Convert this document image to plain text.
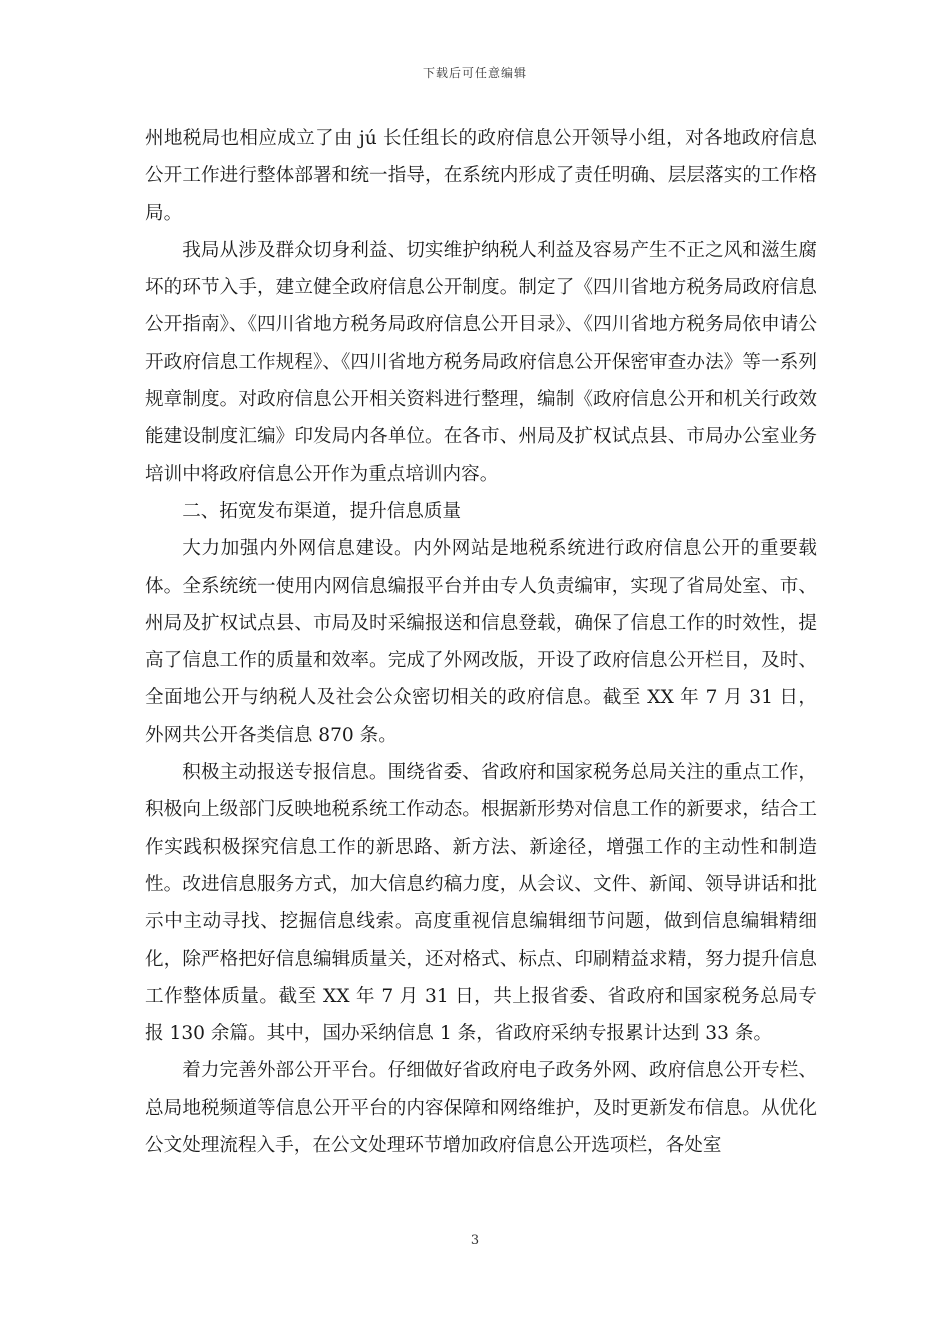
下载后可任意编辑

州地税局也相应成立了由 jú 长任组长的政府信息公开领导小组，对各地政府信息公开工作进行整体部署和统一指导，在系统内形成了责任明确、层层落实的工作格局。

我局从涉及群众切身利益、切实维护纳税人利益及容易产生不正之风和滋生腐坏的环节入手，建立健全政府信息公开制度。制定了《四川省地方税务局政府信息公开指南》、《四川省地方税务局政府信息公开目录》、《四川省地方税务局依申请公开政府信息工作规程》、《四川省地方税务局政府信息公开保密审查办法》等一系列规章制度。对政府信息公开相关资料进行整理，编制《政府信息公开和机关行政效能建设制度汇编》印发局内各单位。在各市、州局及扩权试点县、市局办公室业务培训中将政府信息公开作为重点培训内容。

二、拓宽发布渠道，提升信息质量

大力加强内外网信息建设。内外网站是地税系统进行政府信息公开的重要载体。全系统统一使用内网信息编报平台并由专人负责编审，实现了省局处室、市、州局及扩权试点县、市局及时采编报送和信息登载，确保了信息工作的时效性，提高了信息工作的质量和效率。完成了外网改版，开设了政府信息公开栏目，及时、全面地公开与纳税人及社会公众密切相关的政府信息。截至 XX 年 7 月 31 日，外网共公开各类信息 870 条。

积极主动报送专报信息。围绕省委、省政府和国家税务总局关注的重点工作，积极向上级部门反映地税系统工作动态。根据新形势对信息工作的新要求，结合工作实践积极探究信息工作的新思路、新方法、新途径，增强工作的主动性和制造性。改进信息服务方式，加大信息约稿力度，从会议、文件、新闻、领导讲话和批示中主动寻找、挖掘信息线索。高度重视信息编辑细节问题，做到信息编辑精细化，除严格把好信息编辑质量关，还对格式、标点、印刷精益求精，努力提升信息工作整体质量。截至 XX 年 7 月 31 日，共上报省委、省政府和国家税务总局专报 130 余篇。其中，国办采纳信息 1 条，省政府采纳专报累计达到 33 条。

着力完善外部公开平台。仔细做好省政府电子政务外网、政府信息公开专栏、总局地税频道等信息公开平台的内容保障和网络维护，及时更新发布信息。从优化公文处理流程入手，在公文处理环节增加政府信息公开选项栏，各处室

3
